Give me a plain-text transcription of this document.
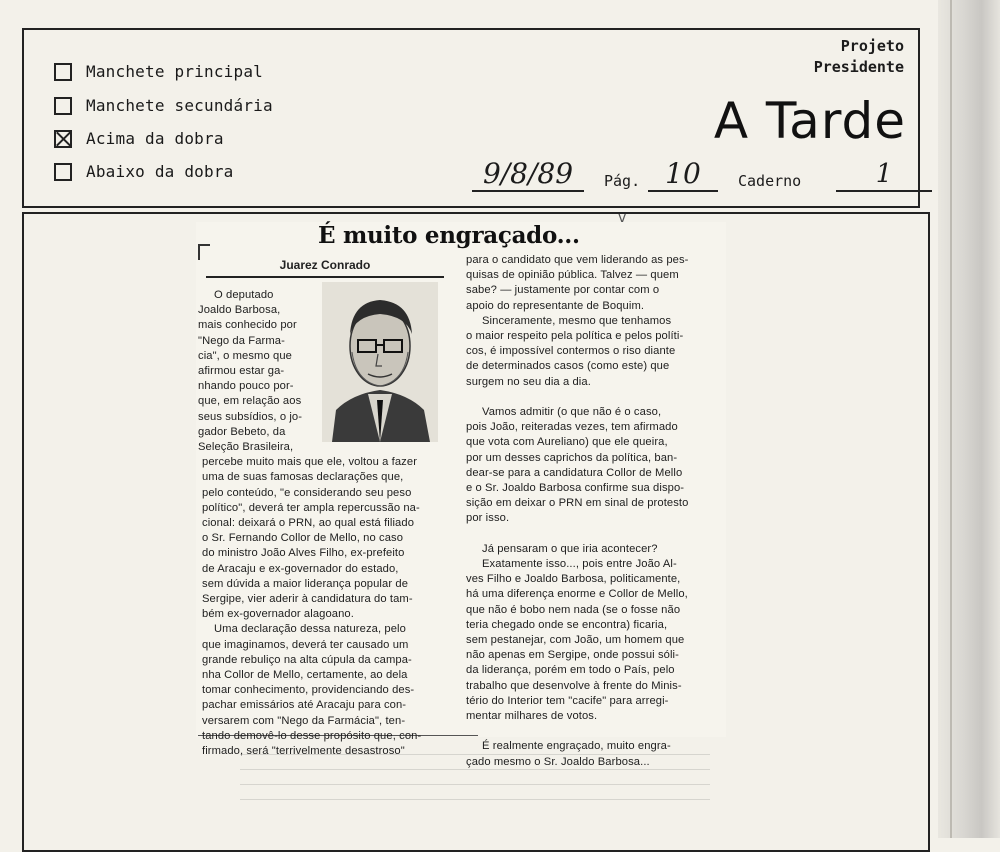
Manchete principal
Manchete secundária
Acima da dobra
Abaixo da dobra
Projeto
Presidente
A Tarde
9/8/89	Pág. 10	Caderno	1
v
É muito engraçado...
Juarez Conrado
O deputado
Joaldo Barbosa,
mais conhecido por
"Nego da Farma-
cia", o mesmo que
afirmou estar ga-
nhando pouco por-
que, em relação aos
seus subsídios, o jo-
gador Bebeto, da
Seleção Brasileira,
percebe muito mais que ele, voltou a fazer
uma de suas famosas declarações que,
pelo conteúdo, "e considerando seu peso
político", deverá ter ampla repercussão na-
cional: deixará o PRN, ao qual está filiado
o Sr. Fernando Collor de Mello, no caso
do ministro João Alves Filho, ex-prefeito
de Aracaju e ex-governador do estado,
sem dúvida a maior liderança popular de
Sergipe, vier aderir à candidatura do tam-
bém ex-governador alagoano.
Uma declaração dessa natureza, pelo
que imaginamos, deverá ter causado um
grande rebuliço na alta cúpula da campa-
nha Collor de Mello, certamente, ao dela
tomar conhecimento, providenciando des-
pachar emissários até Aracaju para con-
versarem com "Nego da Farmácia", ten-
tando demovê-lo desse propósito que, con-
firmado, será "terrivelmente desastroso"
para o candidato que vem liderando as pes-
quisas de opinião pública. Talvez — quem
sabe? — justamente por contar com o
apoio do representante de Boquim.
Sinceramente, mesmo que tenhamos
o maior respeito pela política e pelos políti-
cos, é impossível contermos o riso diante
de determinados casos (como este) que
surgem no seu dia a dia.
Vamos admitir (o que não é o caso,
pois João, reiteradas vezes, tem afirmado
que vota com Aureliano) que ele queira,
por um desses caprichos da política, ban-
dear-se para a candidatura Collor de Mello
e o Sr. Joaldo Barbosa confirme sua dispo-
sição em deixar o PRN em sinal de protesto
por isso.
Já pensaram o que iria acontecer?
Exatamente isso..., pois entre João Al-
ves Filho e Joaldo Barbosa, politicamente,
há uma diferença enorme e Collor de Mello,
que não é bobo nem nada (se o fosse não
teria chegado onde se encontra) ficaria,
sem pestanejar, com João, um homem que
não apenas em Sergipe, onde possui sóli-
da liderança, porém em todo o País, pelo
trabalho que desenvolve à frente do Minis-
tério do Interior tem "cacife" para arregi-
mentar milhares de votos.
É realmente engraçado, muito engra-
çado mesmo o Sr. Joaldo Barbosa...
